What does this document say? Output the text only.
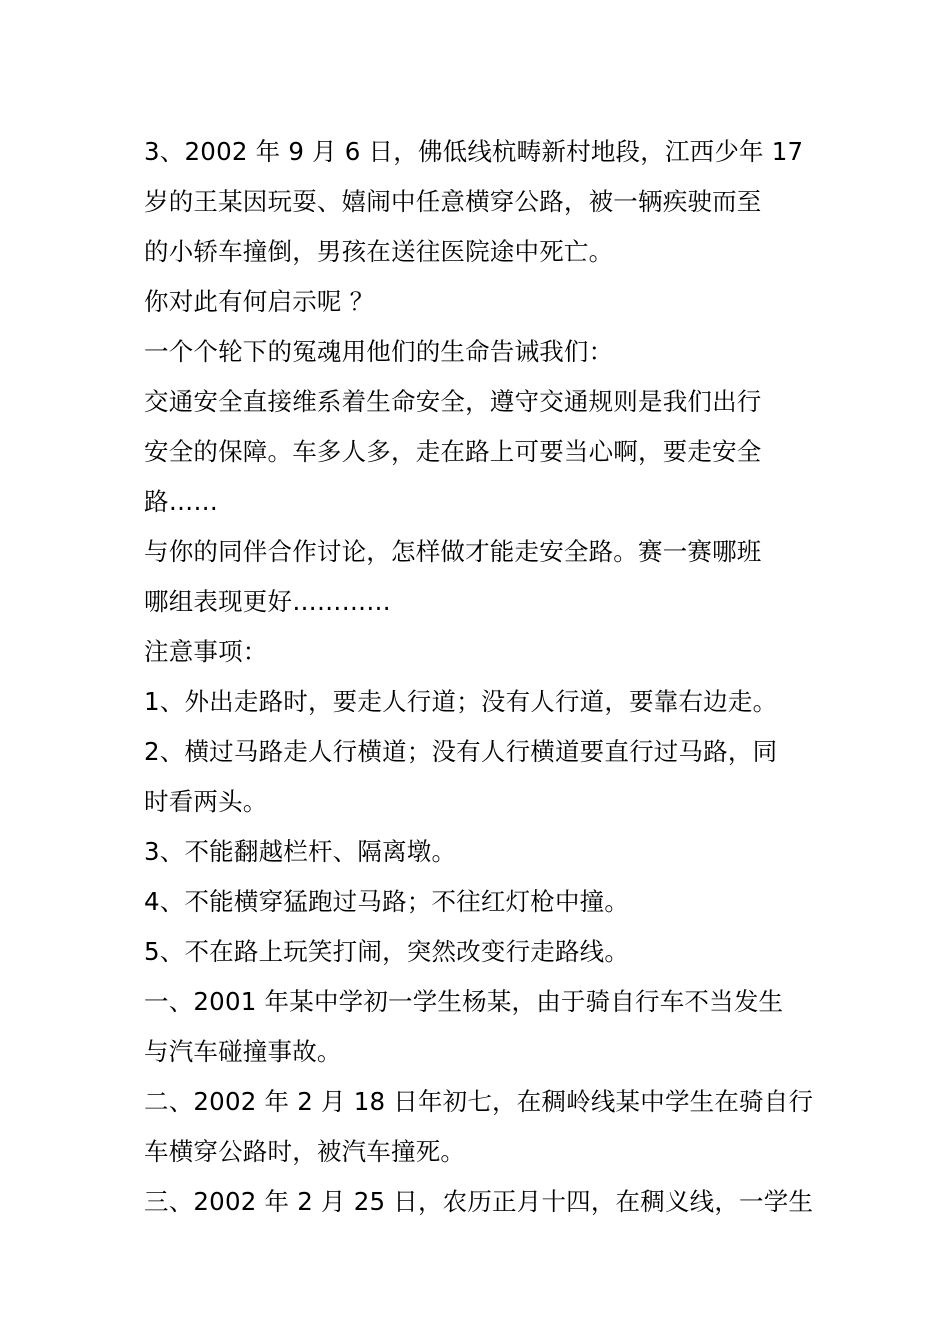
3、2002 年 9 月 6 日，佛低线杭畴新村地段，江西少年 17
岁的王某因玩耍、嬉闹中任意横穿公路，被一辆疾驶而至
的小轿车撞倒，男孩在送往医院途中死亡。
你对此有何启示呢 ？
一个个轮下的冤魂用他们的生命告诫我们：
交通安全直接维系着生命安全，遵守交通规则是我们出行
安全的保障。车多人多，走在路上可要当心啊，要走安全
路……
与你的同伴合作讨论，怎样做才能走安全路。赛一赛哪班
哪组表现更好…………
注意事项：
1、外出走路时，要走人行道；没有人行道，要靠右边走。
2、横过马路走人行横道；没有人行横道要直行过马路，同
时看两头。
3、不能翻越栏杆、隔离墩。
4、不能横穿猛跑过马路；不往红灯枪中撞。
5、不在路上玩笑打闹，突然改变行走路线。
一、2001 年某中学初一学生杨某，由于骑自行车不当发生
与汽车碰撞事故。
二、2002 年 2 月 18 日年初七，在稠岭线某中学生在骑自行
车横穿公路时，被汽车撞死。
三、2002 年 2 月 25 日，农历正月十四，在稠义线，一学生
